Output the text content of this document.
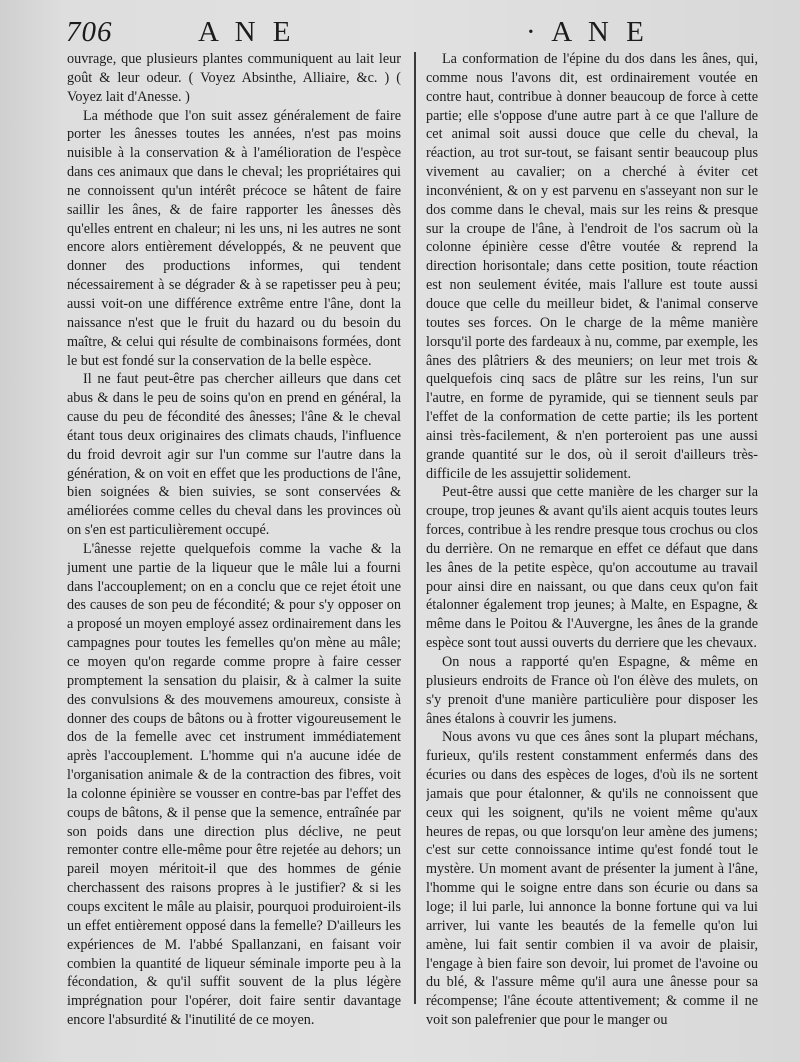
706	A N E	· A N E

ouvrage, que plusieurs plantes communiquent au lait leur goût & leur odeur. ( Voyez Absinthe, Alliaire, &c. ) ( Voyez lait d'Anesse. )

La méthode que l'on suit assez généralement de faire porter les ânesses toutes les années, n'est pas moins nuisible à la conservation & à l'amélioration de l'espèce dans ces animaux que dans le cheval; les propriétaires qui ne connoissent qu'un intérêt précoce se hâtent de faire saillir les ânes, & de faire rapporter les ânesses dès qu'elles entrent en chaleur; ni les uns, ni les autres ne sont encore alors entièrement développés, & ne peuvent que donner des productions informes, qui tendent nécessairement à se dégrader & à se rapetisser peu à peu; aussi voit-on une différence extrême entre l'âne, dont la naissance n'est que le fruit du hazard ou du besoin du maître, & celui qui résulte de combinaisons formées, dont le but est fondé sur la conservation de la belle espèce.

Il ne faut peut-être pas chercher ailleurs que dans cet abus & dans le peu de soins qu'on en prend en général, la cause du peu de fécondité des ânesses; l'âne & le cheval étant tous deux originaires des climats chauds, l'influence du froid devroit agir sur l'un comme sur l'autre dans la génération, & on voit en effet que les productions de l'âne, bien soignées & bien suivies, se sont conservées & améliorées comme celles du cheval dans les provinces où on s'en est particulièrement occupé.

L'ânesse rejette quelquefois comme la vache & la jument une partie de la liqueur que le mâle lui a fourni dans l'accouplement; on en a conclu que ce rejet étoit une des causes de son peu de fécondité; & pour s'y opposer on a proposé un moyen employé assez ordinairement dans les campagnes pour toutes les femelles qu'on mène au mâle; ce moyen qu'on regarde comme propre à faire cesser promptement la sensation du plaisir, & à calmer la suite des convulsions & des mouvemens amoureux, consiste à donner des coups de bâtons ou à frotter vigoureusement le dos de la femelle avec cet instrument immédiatement après l'accouplement. L'homme qui n'a aucune idée de l'organisation animale & de la contraction des fibres, voit la colonne épinière se vousser en contre-bas par l'effet des coups de bâtons, & il pense que la semence, entraînée par son poids dans une direction plus déclive, ne peut remonter contre elle-même pour être rejetée au dehors; un pareil moyen méritoit-il que des hommes de génie cherchassent des raisons propres à le justifier? & si les coups excitent le mâle au plaisir, pourquoi produiroient-ils un effet entièrement opposé dans la femelle? D'ailleurs les expériences de M. l'abbé Spallanzani, en faisant voir combien la quantité de liqueur séminale importe peu à la fécondation, & qu'il suffit souvent de la plus légère imprégnation pour l'opérer, doit faire sentir davantage encore l'absurdité & l'inutilité de ce moyen.

La conformation de l'épine du dos dans les ânes, qui, comme nous l'avons dit, est ordinairement voutée en contre haut, contribue à donner beaucoup de force à cette partie; elle s'oppose d'une autre part à ce que l'allure de cet animal soit aussi douce que celle du cheval, la réaction, au trot sur-tout, se faisant sentir beaucoup plus vivement au cavalier; on a cherché à éviter cet inconvénient, & on y est parvenu en s'asseyant non sur le dos comme dans le cheval, mais sur les reins & presque sur la croupe de l'âne, à l'endroit de l'os sacrum où la colonne épinière cesse d'être voutée & reprend la direction horisontale; dans cette position, toute réaction est non seulement évitée, mais l'allure est toute aussi douce que celle du meilleur bidet, & l'animal conserve toutes ses forces. On le charge de la même manière lorsqu'il porte des fardeaux à nu, comme, par exemple, les ânes des plâtriers & des meuniers; on leur met trois & quelquefois cinq sacs de plâtre sur les reins, l'un sur l'autre, en forme de pyramide, qui se tiennent seuls par l'effet de la conformation de cette partie; ils les portent ainsi très-facilement, & n'en porteroient pas une aussi grande quantité sur le dos, où il seroit d'ailleurs très-difficile de les assujettir solidement.

Peut-être aussi que cette manière de les charger sur la croupe, trop jeunes & avant qu'ils aient acquis toutes leurs forces, contribue à les rendre presque tous crochus ou clos du derrière. On ne remarque en effet ce défaut que dans les ânes de la petite espèce, qu'on accoutume au travail pour ainsi dire en naissant, ou que dans ceux qu'on fait étalonner également trop jeunes; à Malte, en Espagne, & même dans le Poitou & l'Auvergne, les ânes de la grande espèce sont tout aussi ouverts du derriere que les chevaux.

On nous a rapporté qu'en Espagne, & même en plusieurs endroits de France où l'on élève des mulets, on s'y prenoit d'une manière particulière pour disposer les ânes étalons à couvrir les jumens.

Nous avons vu que ces ânes sont la plupart méchans, furieux, qu'ils restent constamment enfermés dans des écuries ou dans des espèces de loges, d'où ils ne sortent jamais que pour étalonner, & qu'ils ne connoissent que ceux qui les soignent, qu'ils ne voient même qu'aux heures de repas, ou que lorsqu'on leur amène des jumens; c'est sur cette connoissance intime qu'est fondé tout le mystère. Un moment avant de présenter la jument à l'âne, l'homme qui le soigne entre dans son écurie ou dans sa loge; il lui parle, lui annonce la bonne fortune qui va lui arriver, lui vante les beautés de la femelle qu'on lui amène, lui fait sentir combien il va avoir de plaisir, l'engage à bien faire son devoir, lui promet de l'avoine ou du blé, & l'assure même qu'il aura une ânesse pour sa récompense; l'âne écoute attentivement; & comme il ne voit son palefrenier que pour le manger ou
